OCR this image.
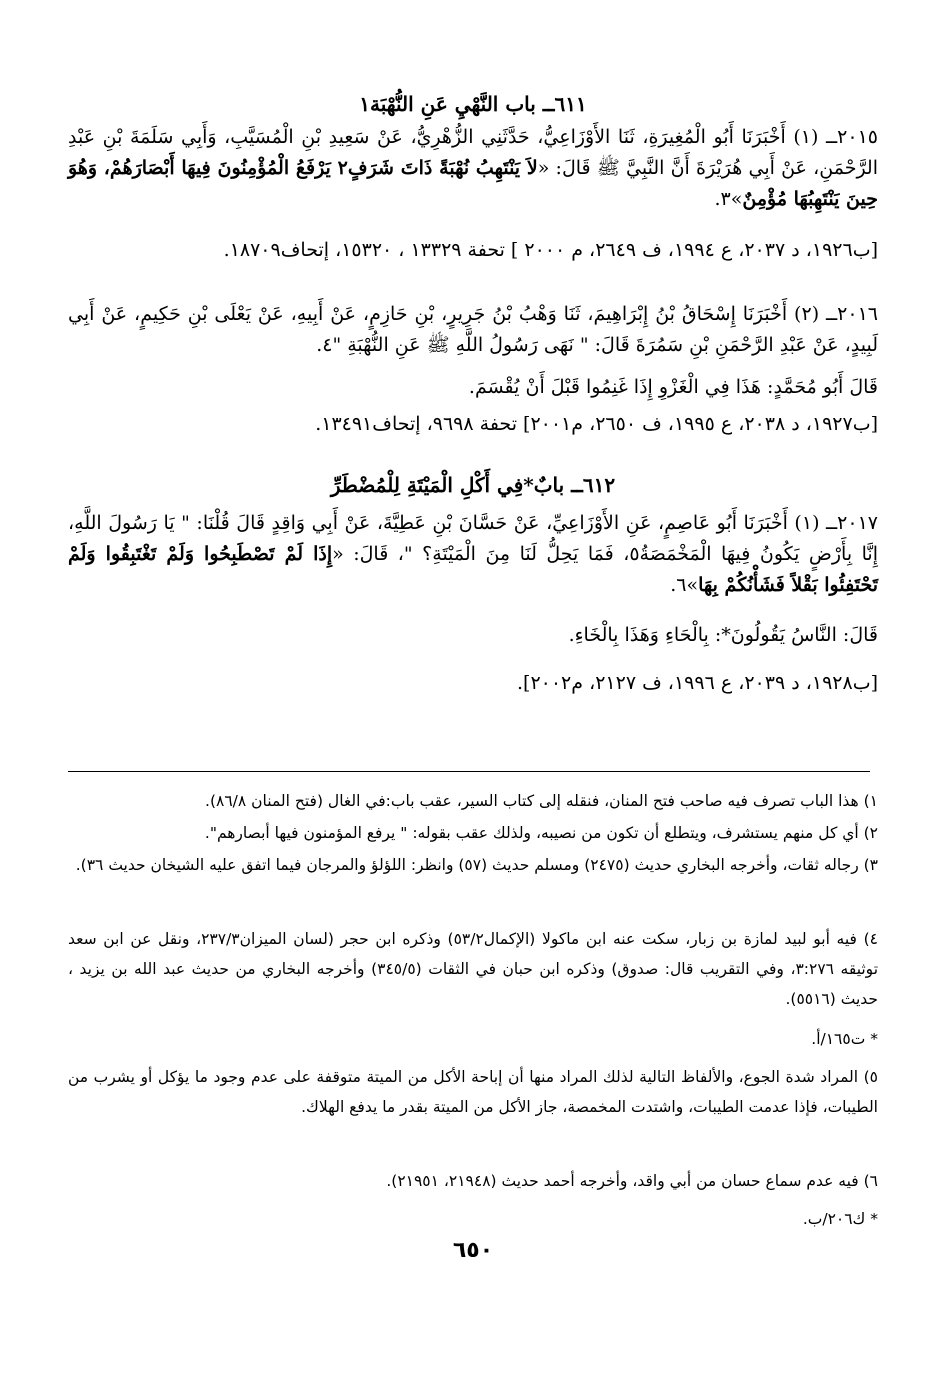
٦١١ــ باب النَّهْيِ عَنِ النُّهْبَة١
٢٠١٥ــ (١) أَخْبَرَنَا أَبُو الْمُغِيرَةِ، ثَنَا الأَوْزَاعِيُّ، حَدَّثَنِي الزُّهْرِيُّ، عَنْ سَعِيدِ بْنِ الْمُسَيَّبِ، وَأَبِي سَلَمَةَ بْنِ عَبْدِ الرَّحْمَنِ، عَنْ أَبِي هُرَيْرَةَ أَنَّ النَّبِيَّ ﷺ قَالَ: «لاَ يَنْتَهِبُ نُهْبَةً ذَاتَ شَرَفٍ٢ يَرْفَعُ الْمُؤْمِنُونَ فِيهَا أَبْصَارَهُمْ، وَهُوَ حِينَ يَنْتَهِبُهَا مُؤْمِنٌ»٣.
[ب١٩٢٦، د ٢٠٣٧، ع ١٩٩٤، ف ٢٦٤٩، م ٢٠٠٠ ] تحفة ١٣٣٢٩ ، ١٥٣٢٠، إتحاف١٨٧٠٩.
٢٠١٦ــ (٢) أَخْبَرَنَا إِسْحَاقُ بْنُ إِبْرَاهِيمَ، ثَنَا وَهْبُ بْنُ جَرِيرٍ، بْنِ حَازِمٍ، عَنْ أَبِيهِ، عَنْ يَعْلَى بْنِ حَكِيمٍ، عَنْ أَبِي لَبِيدٍ، عَنْ عَبْدِ الرَّحْمَنِ بْنِ سَمُرَةَ قَالَ: " نَهَى رَسُولُ اللَّهِ ﷺ عَنِ النُّهْبَةِ "٤.
قَالَ أَبُو مُحَمَّدٍ: هَذَا فِي الْغَزْوِ إِذَا غَنِمُوا قَبْلَ أَنْ يُقْسَمَ.
[ب١٩٢٧، د ٢٠٣٨، ع ١٩٩٥، ف ٢٦٥٠، م٢٠٠١] تحفة ٩٦٩٨، إتحاف١٣٤٩١.
٦١٢ــ بابٌ*فِي أَكْلِ الْمَيْتَةِ لِلْمُضْطَرِّ
٢٠١٧ــ (١) أَخْبَرَنَا أَبُو عَاصِمٍ، عَنِ الأَوْزَاعِيِّ، عَنْ حَسَّانَ بْنِ عَطِيَّةَ، عَنْ أَبِي وَاقِدٍ قَالَ قُلْنَا: " يَا رَسُولَ اللَّهِ، إِنَّا بِأَرْضٍ يَكُونُ فِيهَا الْمَخْمَصَةُ٥، فَمَا يَحِلُّ لَنَا مِنَ الْمَيْتَةِ؟ "، قَالَ: «إِذَا لَمْ تَصْطَبِحُوا وَلَمْ تَغْتَبِقُوا وَلَمْ تَحْتَفِئُوا بَقْلاً فَشَأْنُكُمْ بِهَا»٦.
قَالَ: النَّاسُ يَقُولُونَ*: بِالْحَاءِ وَهَذَا بِالْخَاءِ.
[ب١٩٢٨، د ٢٠٣٩، ع ١٩٩٦، ف ٢١٢٧، م٢٠٠٢].
١) هذا الباب تصرف فيه صاحب فتح المنان، فنقله إلى كتاب السير، عقب باب:في الغال (فتح المنان ٨٦/٨).
٢) أي كل منهم يستشرف، ويتطلع أن تكون من نصيبه، ولذلك عقب بقوله: " يرفع المؤمنون فيها أبصارهم".
٣) رجاله ثقات، وأخرجه البخاري حديث (٢٤٧٥) ومسلم حديث (٥٧) وانظر: اللؤلؤ والمرجان فيما اتفق عليه الشيخان حديث ٣٦).
٤) فيه أبو لبيد لمازة بن زبار، سكت عنه ابن ماكولا (الإكمال٥٣/٢) وذكره ابن حجر (لسان الميزان٢٣٧/٣، ونقل عن ابن سعد توثيقه ٣:٢٧٦، وفي التقريب قال: صدوق) وذكره ابن حبان في الثقات (٣٤٥/٥) وأخرجه البخاري من حديث عبد الله بن يزيد ، حديث (٥٥١٦).
* ت١٦٥/أ.
٥) المراد شدة الجوع، والألفاظ التالية لذلك المراد منها أن إباحة الأكل من الميتة متوقفة على عدم وجود ما يؤكل أو يشرب من الطيبات، فإذا عدمت الطيبات، واشتدت المخمصة، جاز الأكل من الميتة بقدر ما يدفع الهلاك.
٦) فيه عدم سماع حسان من أبي واقد، وأخرجه أحمد حديث (٢١٩٤٨، ٢١٩٥١).
* ك٢٠٦/ب.
٦٥٠
